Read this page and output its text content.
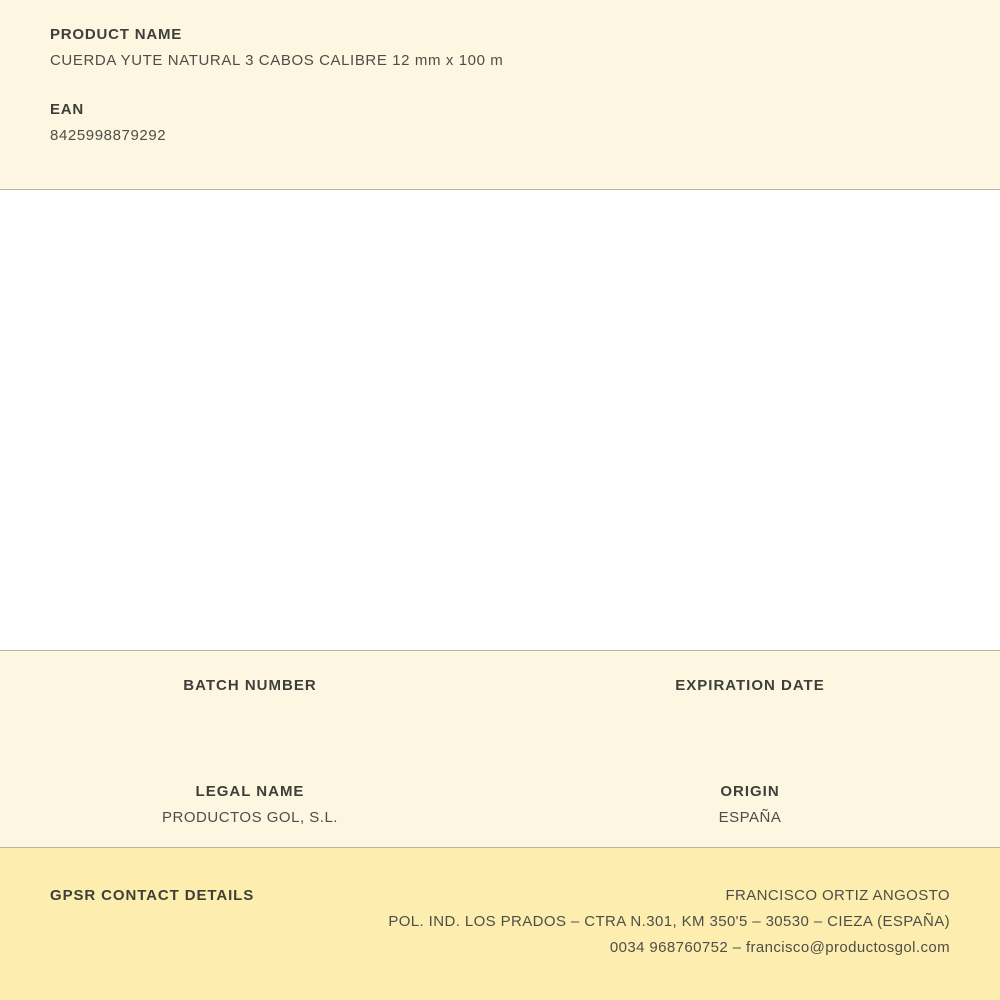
PRODUCT NAME

CUERDA YUTE NATURAL 3 CABOS CALIBRE 12 mm x 100 m

EAN

8425998879292

BATCH NUMBER	EXPIRATION DATE

LEGAL NAME

PRODUCTOS GOL, S.L.

ORIGIN

ESPAÑA

GPSR CONTACT DETAILS	FRANCISCO ORTIZ ANGOSTO

POL. IND. LOS PRADOS – CTRA N.301, KM 350'5 – 30530 – CIEZA (ESPAÑA)

0034 968760752 – francisco@productosgol.com
